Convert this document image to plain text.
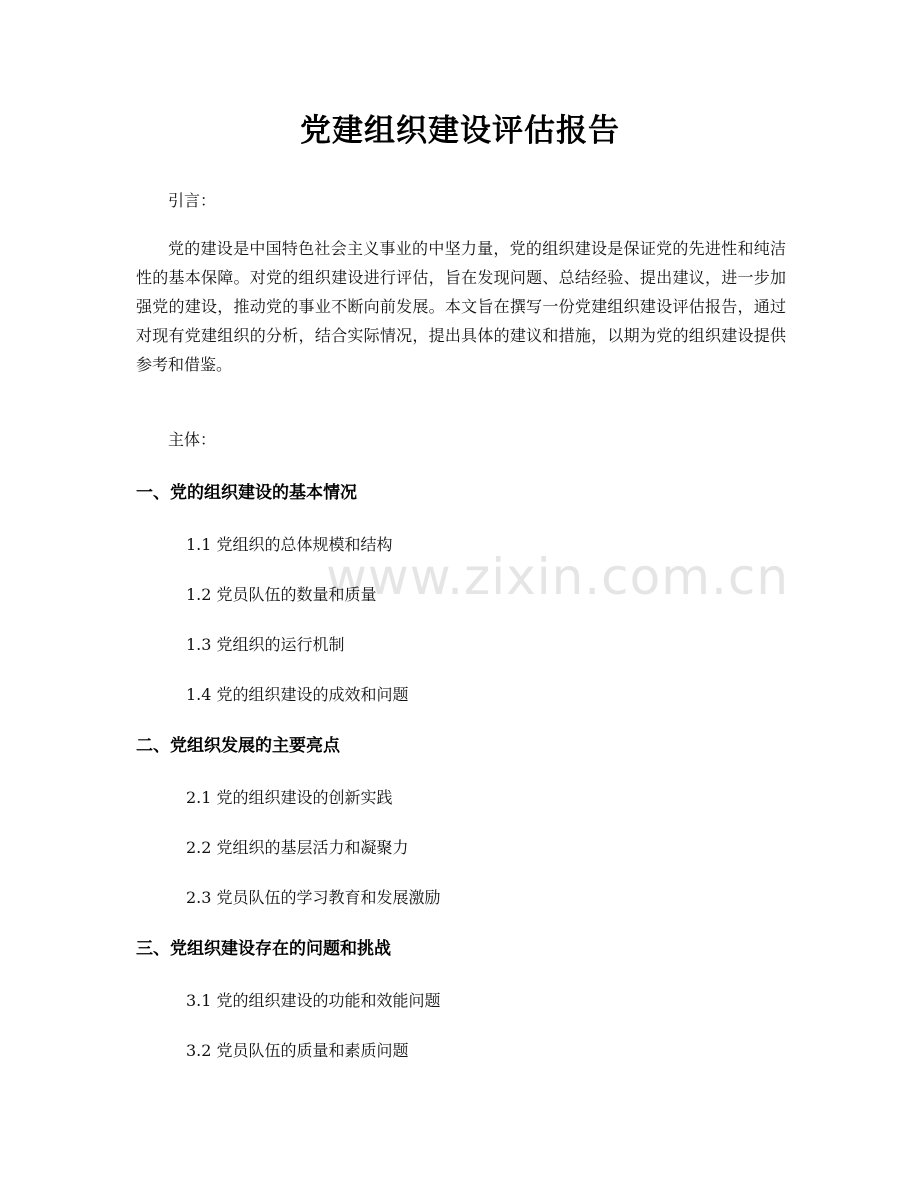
www.zixin.com.cn
党建组织建设评估报告
引言：
党的建设是中国特色社会主义事业的中坚力量，党的组织建设是保证党的先进性和纯洁性的基本保障。对党的组织建设进行评估，旨在发现问题、总结经验、提出建议，进一步加强党的建设，推动党的事业不断向前发展。本文旨在撰写一份党建组织建设评估报告，通过对现有党建组织的分析，结合实际情况，提出具体的建议和措施，以期为党的组织建设提供参考和借鉴。
主体：
一、党的组织建设的基本情况
1.1 党组织的总体规模和结构
1.2 党员队伍的数量和质量
1.3 党组织的运行机制
1.4 党的组织建设的成效和问题
二、党组织发展的主要亮点
2.1 党的组织建设的创新实践
2.2 党组织的基层活力和凝聚力
2.3 党员队伍的学习教育和发展激励
三、党组织建设存在的问题和挑战
3.1 党的组织建设的功能和效能问题
3.2 党员队伍的质量和素质问题
